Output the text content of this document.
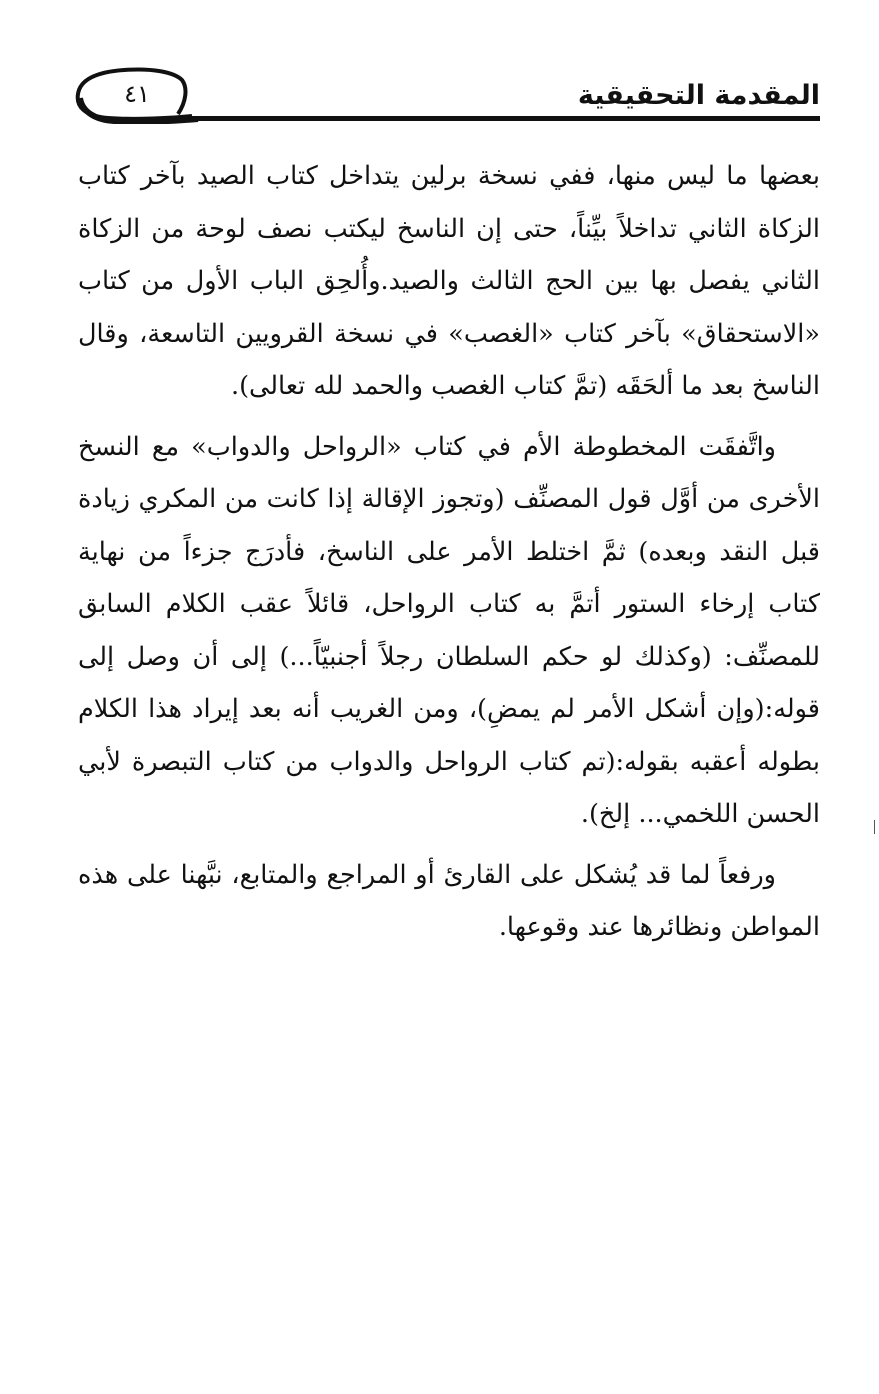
٤١	المقدمة التحقيقية

بعضها ما ليس منها، ففي نسخة برلين يتداخل كتاب الصيد بآخر كتاب الزكاة الثاني تداخلاً بيِّناً، حتى إن الناسخ ليكتب نصف لوحة من الزكاة الثاني يفصل بها بين الحج الثالث والصيد.وأُلحِق الباب الأول من كتاب «الاستحقاق» بآخر كتاب «الغصب» في نسخة القرويين التاسعة، وقال الناسخ بعد ما ألحَقَه (تمَّ كتاب الغصب والحمد لله تعالى).

واتَّفقَت المخطوطة الأم في كتاب «الرواحل والدواب» مع النسخ الأخرى من أوَّل قول المصنِّف (وتجوز الإقالة إذا كانت من المكري زيادة قبل النقد وبعده) ثمَّ اختلط الأمر على الناسخ، فأدرَج جزءاً من نهاية كتاب إرخاء الستور أتمَّ به كتاب الرواحل، قائلاً عقب الكلام السابق للمصنِّف: (وكذلك لو حكم السلطان رجلاً أجنبيّاً...) إلى أن وصل إلى قوله:(وإن أشكل الأمر لم يمضِ)، ومن الغريب أنه بعد إيراد هذا الكلام بطوله أعقبه بقوله:(تم كتاب الرواحل والدواب من كتاب التبصرة لأبي الحسن اللخمي... إلخ).

ورفعاً لما قد يُشكل على القارئ أو المراجع والمتابع، نبَّهنا على هذه المواطن ونظائرها عند وقوعها.
